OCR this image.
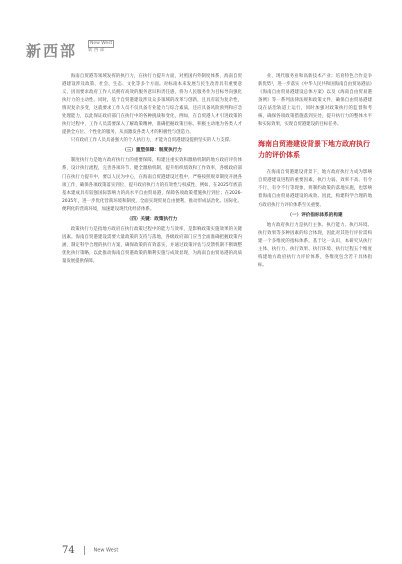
新西部	New West
新 西 部

海南自贸港等领域发挥的执行力，在执行力提升方面，对照国内外制度体系，海南自贸港建设涉及政策、社会、生态、文化等多个方面。对标南本来发展与民生改善具有重要意义，因而要求政府工作人员拥有高效的服务意识和责任感，将为人民服务作为目标导向强化执行力的主动性。同时，基于自贸港建设涉及众多领域的改革与创新，且具有较为复杂性，情况复杂多变，这就要求工作人员不仅具备专业能力与综合素质，还应具备风险预判和应急处理能力，以此保证政府部门在执行中的各种挑战和变化，例如，在自贸港人才引进政策的执行过程中，工作人员需要深入了解政策精神，准确把握政策目标，积极主动地为各类人才提供全方位、个性化的服务，从而激发各类人才的积极性与创造力。

只有政府工作人员具备强大的个人执行力，才能为自贸港建设提供坚实的人力支撑。

（三）重塑保障：制度执行力

制度执行力是地方政府执行力的重要保障，构建注重实效和激励机制的地方政府评价体系，设计执行流程，完善各项环节、健全激励机制，提升组织绩效和工作效率，各级政府部门在执行力提升中，要以人民为中心，在海南自贸港建设过程中，严格按照规章制度开展各项工作，确保各项政策落实到位，提升政府执行力的有效性与权威性，例如，在2025年底前基本建成具有较强国际影响力的高水平自由贸易港，保障各项政策措施执行到位；在2026-2035年，进一步优化营商环境和制度，全面实现贸易自由便利，推动形成法治化、国际化、便利化的营商环境，加速建设现代化经济体系。

（四）关键：政策执行力

政策执行力是指地方政府在执行政策过程中的能力与效率，是影响政策实施效果的关键因素。海南自贸港建设需要大量政策的支持与落地，各级政府部门应当全面准确把握政策内涵，制定科学合理的执行方案，确保政策的有效落实，并通过政策评估与反馈机制不断调整优化执行策略，以此推动海南自贸港政策的顺利实施与成效显现，为海南自由贸易港的高质量发展提供保障。

业、现代服务业和高新技术产业；培育特色合作竞争新优势¹，进一步落实《中华人民共和国海南自由贸易港法》《海南自由贸易港建设总体方案》以及《海南自由贸易港条例》等一系列法律法规和政策文件，确保自由贸易港建设在法治轨道上运行，同时加强对政策执行的监督和考核，确保各项政策措施落到实处，提升执行力的整体水平和实际效果，实现自贸港建设的目标任务。

海南自贸港建设背景下地方政府执行力的评价体系

在海南自贸港建设背景下，地方政府执行力成为影响自贸港建设进程的重要因素，执行力弱、效率不高、有令不行、有令不行等现象，将制约政策的落地实施，也影响着海南自由贸易港建设的成效。因此，构建科学合理的地方政府执行力评价体系至关重要。

（一）评价指标体系的构建

地方政府执行力是执行主体、执行能力、执行环境、执行效果等多种因素的综合体现，因此对其进行评价需构建一个多维度的指标体系。基于这一认识，本研究从执行主体、执行力、执行效果、执行环境、执行过程五个维度构建地方政府执行力评价体系，各维度包含若干具体指标。

74	New West
